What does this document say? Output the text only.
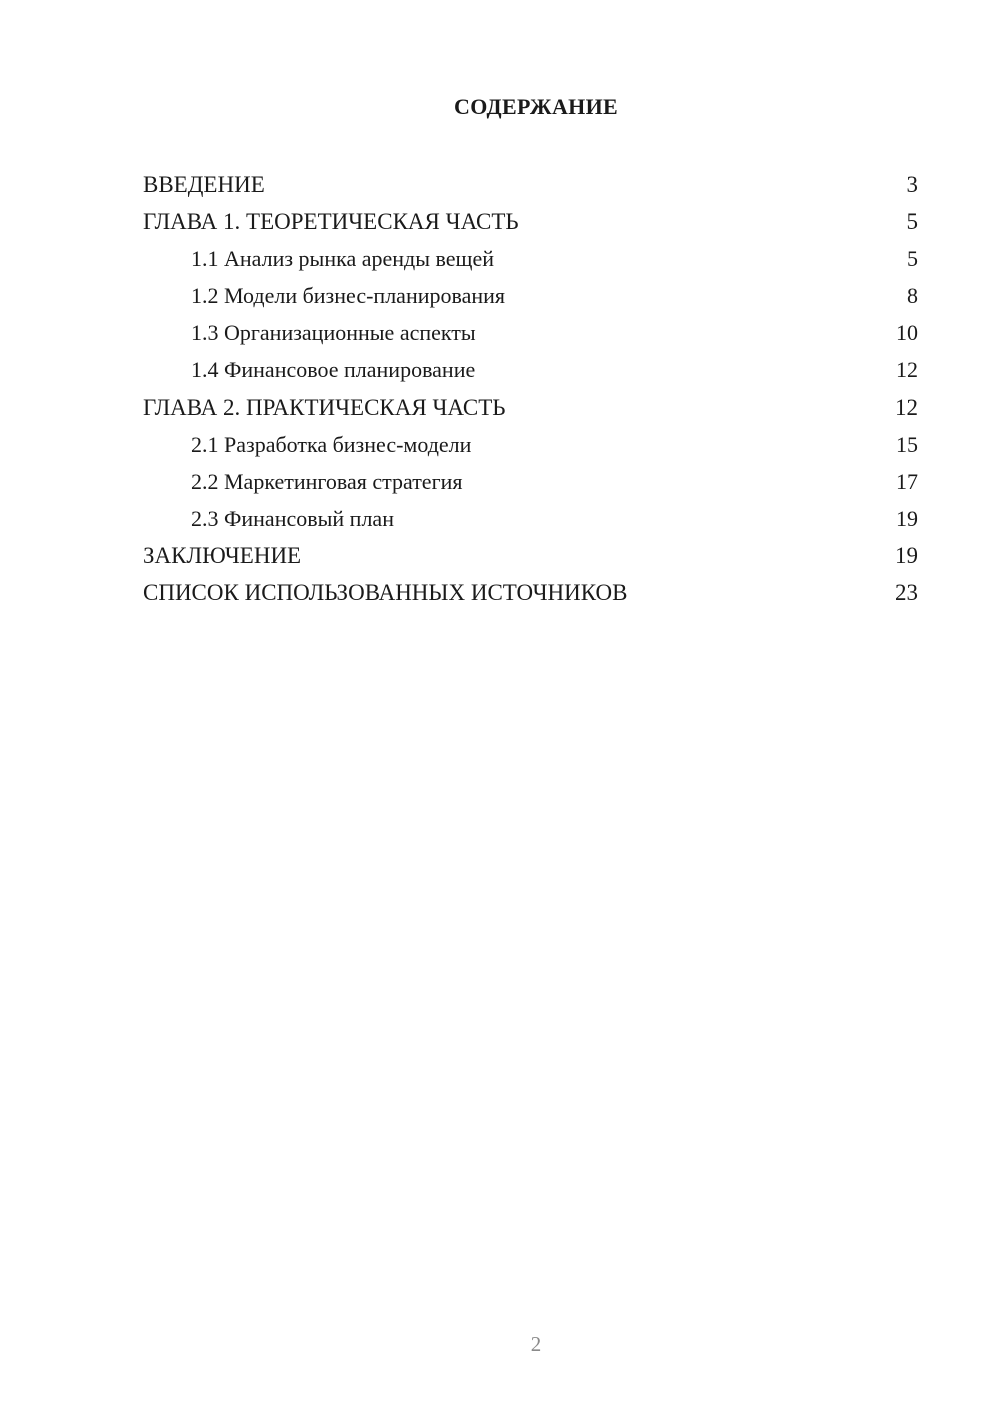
СОДЕРЖАНИЕ
ВВЕДЕНИЕ	3
ГЛАВА 1. ТЕОРЕТИЧЕСКАЯ ЧАСТЬ	5
1.1 Анализ рынка аренды вещей	5
1.2 Модели бизнес-планирования	8
1.3 Организационные аспекты	10
1.4 Финансовое планирование	12
ГЛАВА 2. ПРАКТИЧЕСКАЯ ЧАСТЬ	12
2.1 Разработка бизнес-модели	15
2.2 Маркетинговая стратегия	17
2.3 Финансовый план	19
ЗАКЛЮЧЕНИЕ	19
СПИСОК ИСПОЛЬЗОВАННЫХ ИСТОЧНИКОВ	23
2
